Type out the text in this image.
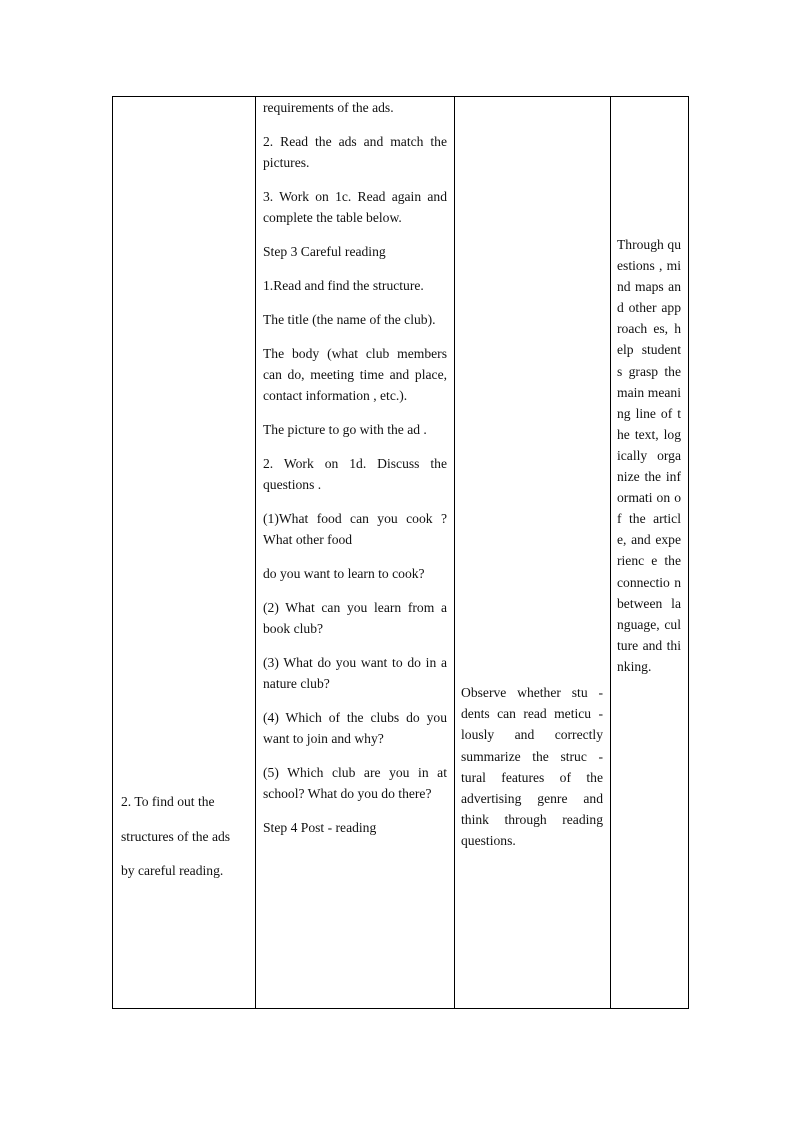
2. To find out the structures of the ads by careful reading.

requirements of the ads.

2. Read the ads and match the pictures.

3. Work on 1c. Read again and complete the table below.

Step 3 Careful reading

1.Read and find the structure.

The title (the name of the club).

The body (what club members can do, meeting time and place, contact information , etc.).

The picture to go with the ad .

2. Work on 1d. Discuss the questions .

(1)What food can you cook ? What other food

do you want to learn to cook?

(2) What can you learn from a book club?

(3) What do you want to do in a nature club?

(4) Which of the clubs do you want to join and why?

(5) Which club are you in at school? What do you do there?

Step 4 Post - reading

Observe whether stu - dents can read meticu - lously and correctly summarize the struc - tural features of the advertising genre and think through reading questions.
Through questions , mind maps and other approach es, help students grasp the main meaning line of the text, logically organize the informati on of the article, and experienc e the connectio n between language, culture and thinking.
